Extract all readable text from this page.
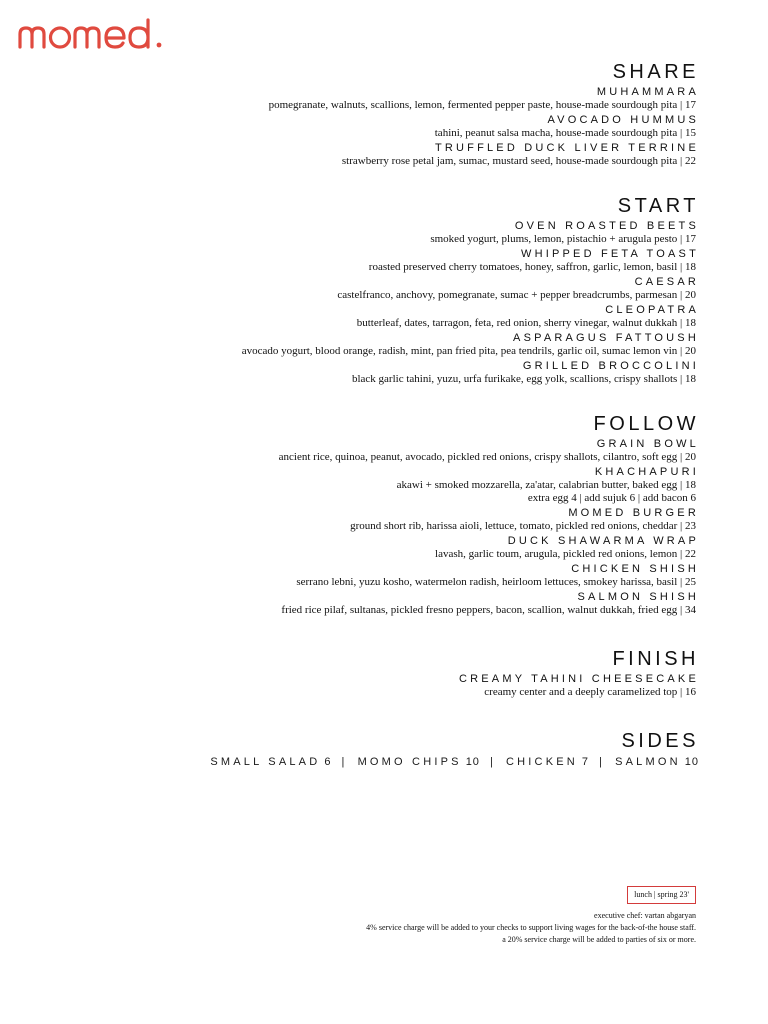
SHARE
MUHAMMARA
pomegranate, walnuts, scallions, lemon, fermented pepper paste, house-made sourdough pita | 17
AVOCADO HUMMUS
tahini, peanut salsa macha, house-made sourdough pita | 15
TRUFFLED DUCK LIVER TERRINE
strawberry rose petal jam, sumac, mustard seed, house-made sourdough pita | 22
START
OVEN ROASTED BEETS
smoked yogurt, plums, lemon, pistachio + arugula pesto | 17
WHIPPED FETA TOAST
roasted preserved cherry tomatoes, honey, saffron, garlic, lemon, basil | 18
CAESAR
castelfranco, anchovy, pomegranate, sumac + pepper breadcrumbs, parmesan | 20
CLEOPATRA
butterleaf, dates, tarragon, feta, red onion, sherry vinegar, walnut dukkah | 18
ASPARAGUS FATTOUSH
avocado yogurt, blood orange, radish, mint, pan fried pita, pea tendrils, garlic oil, sumac lemon vin | 20
GRILLED BROCCOLINI
black garlic tahini, yuzu, urfa furikake, egg yolk, scallions, crispy shallots | 18
FOLLOW
GRAIN BOWL
ancient rice, quinoa, peanut, avocado, pickled red onions, crispy shallots, cilantro, soft egg | 20
KHACHAPURI
akawi + smoked mozzarella, za'atar, calabrian butter, baked egg | 18
extra egg 4 | add sujuk 6 | add bacon 6
MOMED BURGER
ground short rib, harissa aioli, lettuce, tomato, pickled red onions, cheddar | 23
DUCK SHAWARMA WRAP
lavash, garlic toum, arugula, pickled red onions, lemon | 22
CHICKEN SHISH
serrano lebni, yuzu kosho, watermelon radish, heirloom lettuces, smokey harissa, basil | 25
SALMON SHISH
fried rice pilaf, sultanas, pickled fresno peppers, bacon, scallion, walnut dukkah, fried egg | 34
FINISH
CREAMY TAHINI CHEESECAKE
creamy center and a deeply caramelized top | 16
SIDES
SMALL SALAD 6 | MOMO CHIPS 10 | CHICKEN 7 | SALMON 10
lunch | spring 23'
executive chef: vartan abgaryan
4% service charge will be added to your checks to support living wages for the back-of-the house staff.
a 20% service charge will be added to parties of six or more.
